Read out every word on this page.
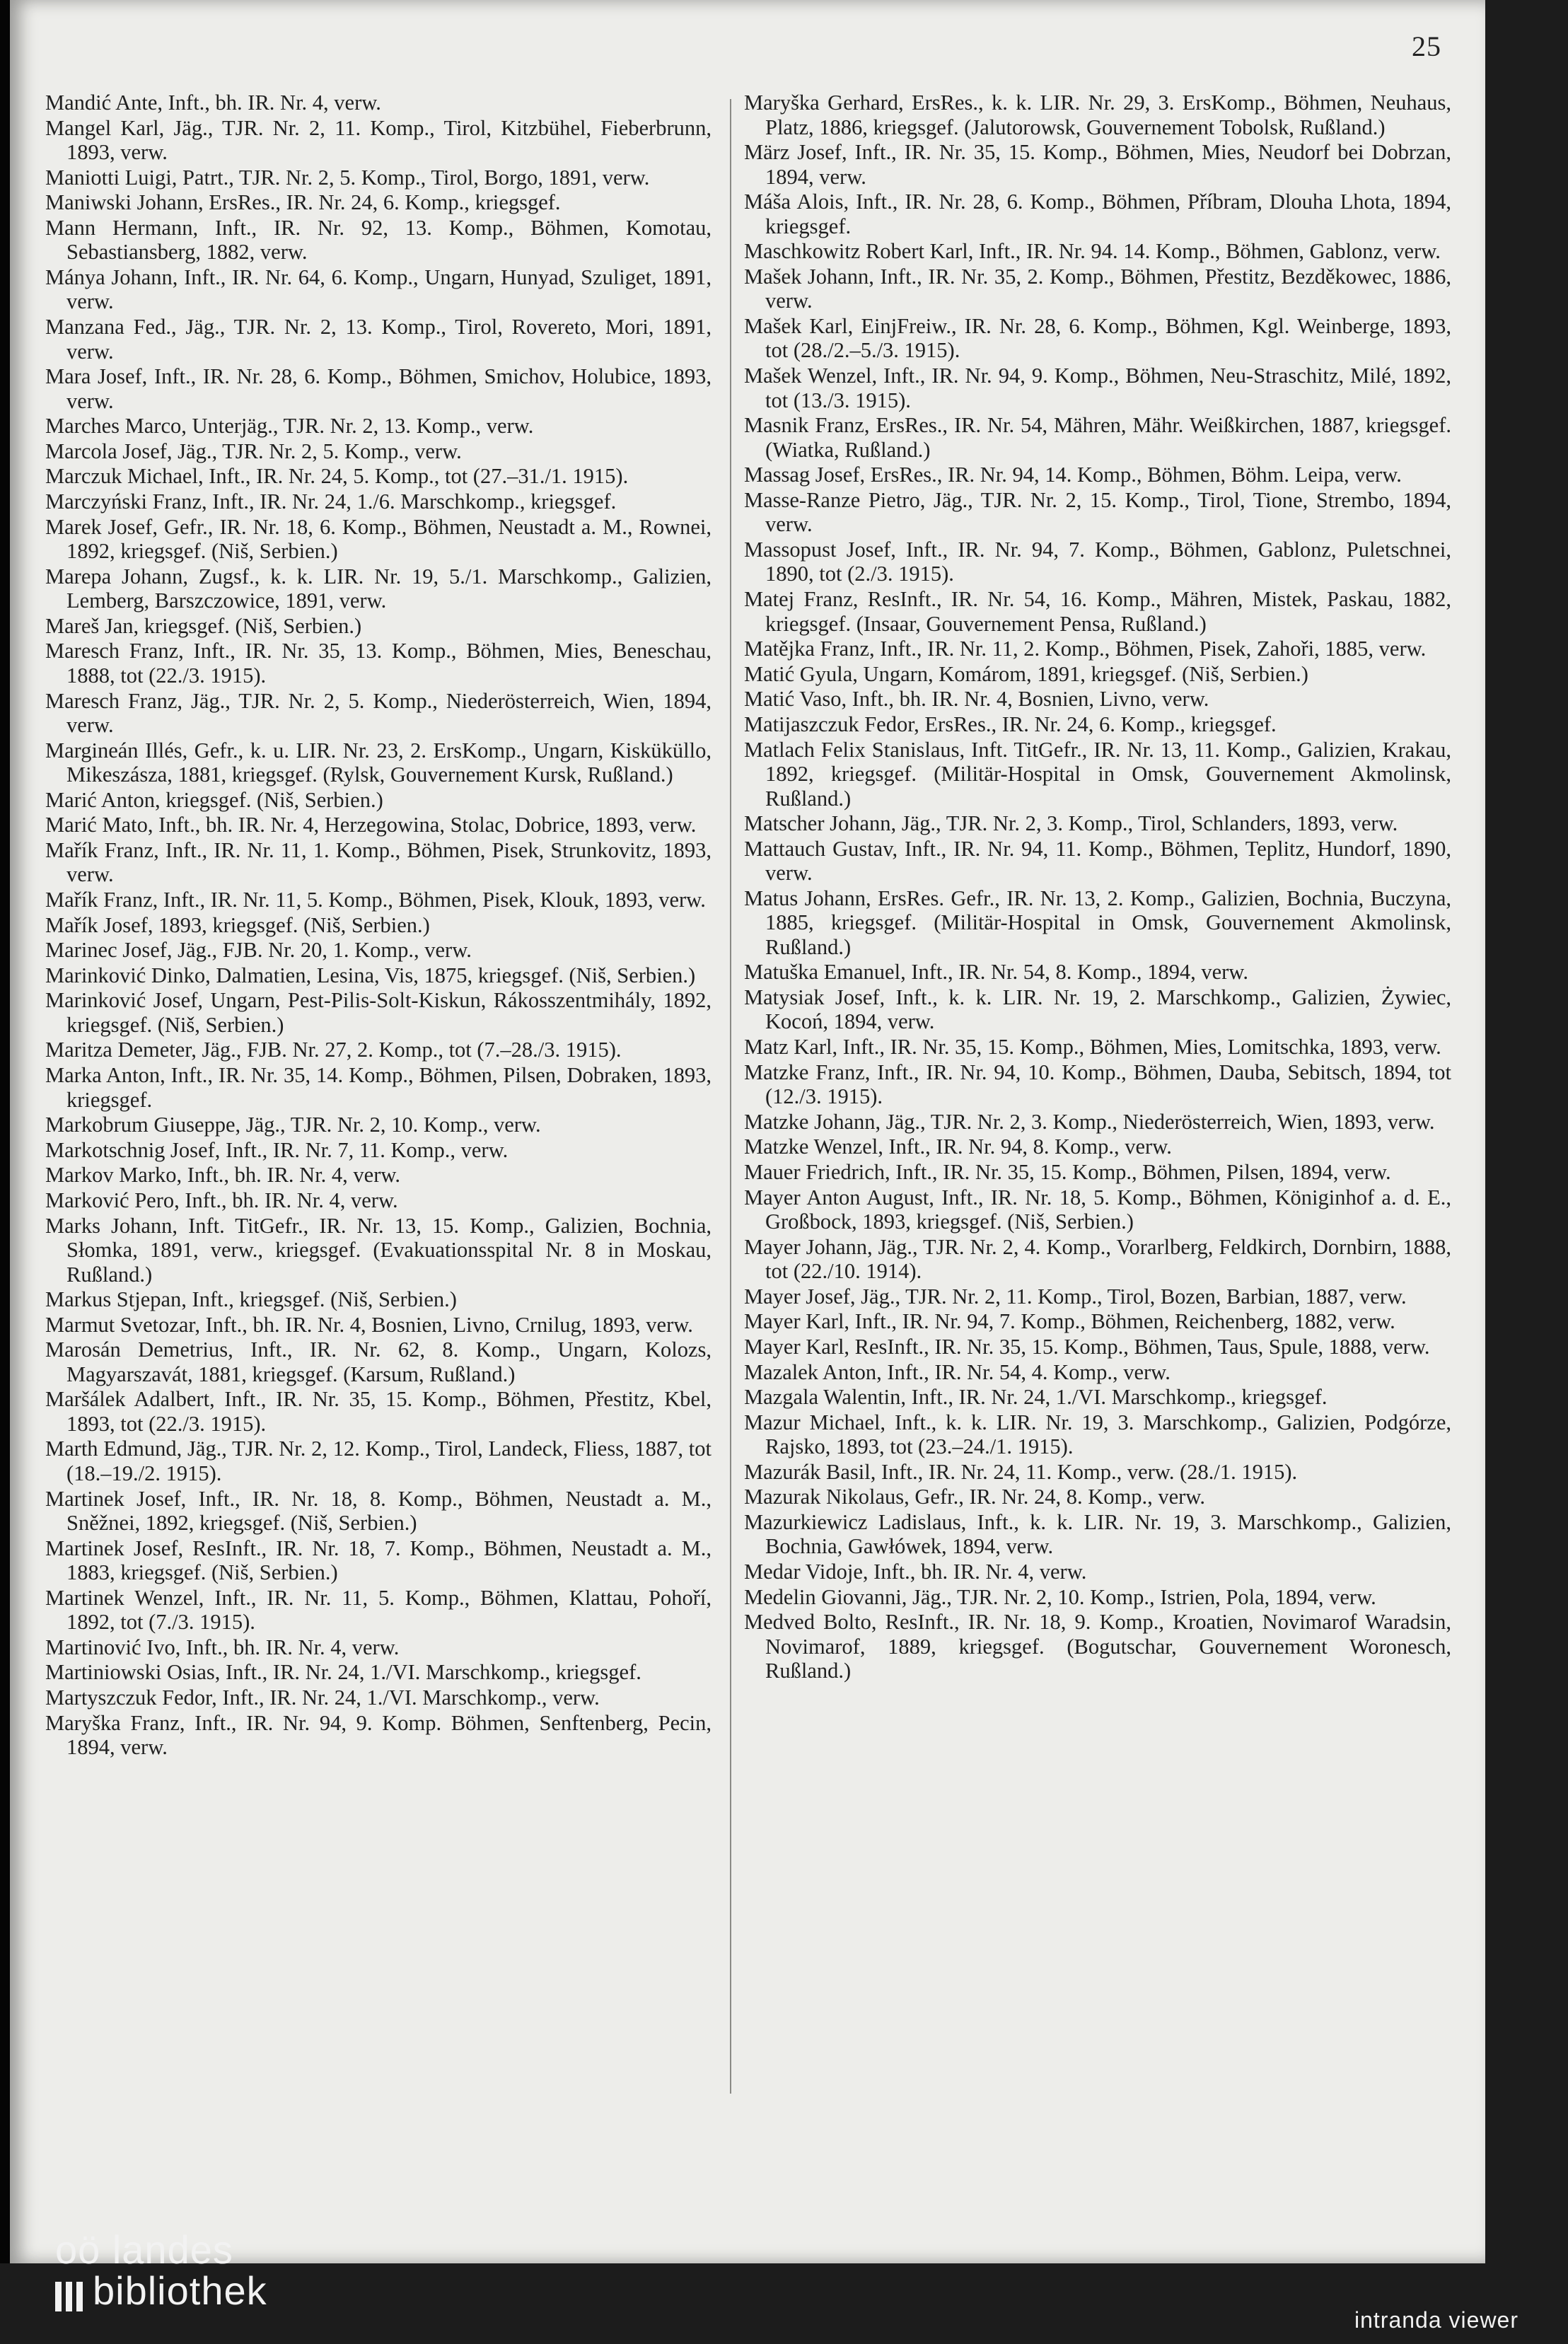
25
Mandić Ante, Inft., bh. IR. Nr. 4, verw.
Mangel Karl, Jäg., TJR. Nr. 2, 11. Komp., Tirol, Kitzbühel, Fieberbrunn, 1893, verw.
Maniotti Luigi, Patrt., TJR. Nr. 2, 5. Komp., Tirol, Borgo, 1891, verw.
Maniwski Johann, ErsRes., IR. Nr. 24, 6. Komp., kriegsgef.
Mann Hermann, Inft., IR. Nr. 92, 13. Komp., Böhmen, Komotau, Sebastiansberg, 1882, verw.
Mánya Johann, Inft., IR. Nr. 64, 6. Komp., Ungarn, Hunyad, Szuliget, 1891, verw.
Manzana Fed., Jäg., TJR. Nr. 2, 13. Komp., Tirol, Rovereto, Mori, 1891, verw.
Mara Josef, Inft., IR. Nr. 28, 6. Komp., Böhmen, Smichov, Holubice, 1893, verw.
Marches Marco, Unterjäg., TJR. Nr. 2, 13. Komp., verw.
Marcola Josef, Jäg., TJR. Nr. 2, 5. Komp., verw.
Marczuk Michael, Inft., IR. Nr. 24, 5. Komp., tot (27.–31./1. 1915).
Marczyński Franz, Inft., IR. Nr. 24, 1./6. Marschkomp., kriegsgef.
Marek Josef, Gefr., IR. Nr. 18, 6. Komp., Böhmen, Neustadt a. M., Rownei, 1892, kriegsgef. (Niš, Serbien.)
Marepa Johann, Zugsf., k. k. LIR. Nr. 19, 5./1. Marschkomp., Galizien, Lemberg, Barszczowice, 1891, verw.
Mareš Jan, kriegsgef. (Niš, Serbien.)
Maresch Franz, Inft., IR. Nr. 35, 13. Komp., Böhmen, Mies, Beneschau, 1888, tot (22./3. 1915).
Maresch Franz, Jäg., TJR. Nr. 2, 5. Komp., Niederösterreich, Wien, 1894, verw.
Margineán Illés, Gefr., k. u. LIR. Nr. 23, 2. ErsKomp., Ungarn, Kisküküllo, Mikeszásza, 1881, kriegsgef. (Rylsk, Gouvernement Kursk, Rußland.)
Marić Anton, kriegsgef. (Niš, Serbien.)
Marić Mato, Inft., bh. IR. Nr. 4, Herzegowina, Stolac, Dobrice, 1893, verw.
Mařík Franz, Inft., IR. Nr. 11, 1. Komp., Böhmen, Pisek, Strunkovitz, 1893, verw.
Mařík Franz, Inft., IR. Nr. 11, 5. Komp., Böhmen, Pisek, Klouk, 1893, verw.
Mařík Josef, 1893, kriegsgef. (Niš, Serbien.)
Marinec Josef, Jäg., FJB. Nr. 20, 1. Komp., verw.
Marinković Dinko, Dalmatien, Lesina, Vis, 1875, kriegsgef. (Niš, Serbien.)
Marinković Josef, Ungarn, Pest-Pilis-Solt-Kiskun, Rákosszentmihály, 1892, kriegsgef. (Niš, Serbien.)
Maritza Demeter, Jäg., FJB. Nr. 27, 2. Komp., tot (7.–28./3. 1915).
Marka Anton, Inft., IR. Nr. 35, 14. Komp., Böhmen, Pilsen, Dobraken, 1893, kriegsgef.
Markobrum Giuseppe, Jäg., TJR. Nr. 2, 10. Komp., verw.
Markotschnig Josef, Inft., IR. Nr. 7, 11. Komp., verw.
Markov Marko, Inft., bh. IR. Nr. 4, verw.
Marković Pero, Inft., bh. IR. Nr. 4, verw.
Marks Johann, Inft. TitGefr., IR. Nr. 13, 15. Komp., Galizien, Bochnia, Słomka, 1891, verw., kriegsgef. (Evakuationsspital Nr. 8 in Moskau, Rußland.)
Markus Stjepan, Inft., kriegsgef. (Niš, Serbien.)
Marmut Svetozar, Inft., bh. IR. Nr. 4, Bosnien, Livno, Crnilug, 1893, verw.
Marosán Demetrius, Inft., IR. Nr. 62, 8. Komp., Ungarn, Kolozs, Magyarszavát, 1881, kriegsgef. (Karsum, Rußland.)
Maršálek Adalbert, Inft., IR. Nr. 35, 15. Komp., Böhmen, Přestitz, Kbel, 1893, tot (22./3. 1915).
Marth Edmund, Jäg., TJR. Nr. 2, 12. Komp., Tirol, Landeck, Fliess, 1887, tot (18.–19./2. 1915).
Martinek Josef, Inft., IR. Nr. 18, 8. Komp., Böhmen, Neustadt a. M., Sněžnei, 1892, kriegsgef. (Niš, Serbien.)
Martinek Josef, ResInft., IR. Nr. 18, 7. Komp., Böhmen, Neustadt a. M., 1883, kriegsgef. (Niš, Serbien.)
Martinek Wenzel, Inft., IR. Nr. 11, 5. Komp., Böhmen, Klattau, Pohoří, 1892, tot (7./3. 1915).
Martinović Ivo, Inft., bh. IR. Nr. 4, verw.
Martiniowski Osias, Inft., IR. Nr. 24, 1./VI. Marschkomp., kriegsgef.
Martyszczuk Fedor, Inft., IR. Nr. 24, 1./VI. Marschkomp., verw.
Maryška Franz, Inft., IR. Nr. 94, 9. Komp. Böhmen, Senftenberg, Pecin, 1894, verw.
Maryška Gerhard, ErsRes., k. k. LIR. Nr. 29, 3. ErsKomp., Böhmen, Neuhaus, Platz, 1886, kriegsgef. (Jalutorowsk, Gouvernement Tobolsk, Rußland.)
März Josef, Inft., IR. Nr. 35, 15. Komp., Böhmen, Mies, Neudorf bei Dobrzan, 1894, verw.
Máša Alois, Inft., IR. Nr. 28, 6. Komp., Böhmen, Příbram, Dlouha Lhota, 1894, kriegsgef.
Maschkowitz Robert Karl, Inft., IR. Nr. 94. 14. Komp., Böhmen, Gablonz, verw.
Mašek Johann, Inft., IR. Nr. 35, 2. Komp., Böhmen, Přestitz, Bezděkowec, 1886, verw.
Mašek Karl, EinjFreiw., IR. Nr. 28, 6. Komp., Böhmen, Kgl. Weinberge, 1893, tot (28./2.–5./3. 1915).
Mašek Wenzel, Inft., IR. Nr. 94, 9. Komp., Böhmen, Neu-Straschitz, Milé, 1892, tot (13./3. 1915).
Masnik Franz, ErsRes., IR. Nr. 54, Mähren, Mähr. Weißkirchen, 1887, kriegsgef. (Wiatka, Rußland.)
Massag Josef, ErsRes., IR. Nr. 94, 14. Komp., Böhmen, Böhm. Leipa, verw.
Masse-Ranze Pietro, Jäg., TJR. Nr. 2, 15. Komp., Tirol, Tione, Strembo, 1894, verw.
Massopust Josef, Inft., IR. Nr. 94, 7. Komp., Böhmen, Gablonz, Puletschnei, 1890, tot (2./3. 1915).
Matej Franz, ResInft., IR. Nr. 54, 16. Komp., Mähren, Mistek, Paskau, 1882, kriegsgef. (Insaar, Gouvernement Pensa, Rußland.)
Matějka Franz, Inft., IR. Nr. 11, 2. Komp., Böhmen, Pisek, Zahoři, 1885, verw.
Matić Gyula, Ungarn, Komárom, 1891, kriegsgef. (Niš, Serbien.)
Matić Vaso, Inft., bh. IR. Nr. 4, Bosnien, Livno, verw.
Matijaszczuk Fedor, ErsRes., IR. Nr. 24, 6. Komp., kriegsgef.
Matlach Felix Stanislaus, Inft. TitGefr., IR. Nr. 13, 11. Komp., Galizien, Krakau, 1892, kriegsgef. (Militär-Hospital in Omsk, Gouvernement Akmolinsk, Rußland.)
Matscher Johann, Jäg., TJR. Nr. 2, 3. Komp., Tirol, Schlanders, 1893, verw.
Mattauch Gustav, Inft., IR. Nr. 94, 11. Komp., Böhmen, Teplitz, Hundorf, 1890, verw.
Matus Johann, ErsRes. Gefr., IR. Nr. 13, 2. Komp., Galizien, Bochnia, Buczyna, 1885, kriegsgef. (Militär-Hospital in Omsk, Gouvernement Akmolinsk, Rußland.)
Matuška Emanuel, Inft., IR. Nr. 54, 8. Komp., 1894, verw.
Matysiak Josef, Inft., k. k. LIR. Nr. 19, 2. Marschkomp., Galizien, Żywiec, Kocoń, 1894, verw.
Matz Karl, Inft., IR. Nr. 35, 15. Komp., Böhmen, Mies, Lomitschka, 1893, verw.
Matzke Franz, Inft., IR. Nr. 94, 10. Komp., Böhmen, Dauba, Sebitsch, 1894, tot (12./3. 1915).
Matzke Johann, Jäg., TJR. Nr. 2, 3. Komp., Niederösterreich, Wien, 1893, verw.
Matzke Wenzel, Inft., IR. Nr. 94, 8. Komp., verw.
Mauer Friedrich, Inft., IR. Nr. 35, 15. Komp., Böhmen, Pilsen, 1894, verw.
Mayer Anton August, Inft., IR. Nr. 18, 5. Komp., Böhmen, Königinhof a. d. E., Großbock, 1893, kriegsgef. (Niš, Serbien.)
Mayer Johann, Jäg., TJR. Nr. 2, 4. Komp., Vorarlberg, Feldkirch, Dornbirn, 1888, tot (22./10. 1914).
Mayer Josef, Jäg., TJR. Nr. 2, 11. Komp., Tirol, Bozen, Barbian, 1887, verw.
Mayer Karl, Inft., IR. Nr. 94, 7. Komp., Böhmen, Reichenberg, 1882, verw.
Mayer Karl, ResInft., IR. Nr. 35, 15. Komp., Böhmen, Taus, Spule, 1888, verw.
Mazalek Anton, Inft., IR. Nr. 54, 4. Komp., verw.
Mazgala Walentin, Inft., IR. Nr. 24, 1./VI. Marschkomp., kriegsgef.
Mazur Michael, Inft., k. k. LIR. Nr. 19, 3. Marschkomp., Galizien, Podgórze, Rajsko, 1893, tot (23.–24./1. 1915).
Mazurák Basil, Inft., IR. Nr. 24, 11. Komp., verw. (28./1. 1915).
Mazurak Nikolaus, Gefr., IR. Nr. 24, 8. Komp., verw.
Mazurkiewicz Ladislaus, Inft., k. k. LIR. Nr. 19, 3. Marschkomp., Galizien, Bochnia, Gawłówek, 1894, verw.
Medar Vidoje, Inft., bh. IR. Nr. 4, verw.
Medelin Giovanni, Jäg., TJR. Nr. 2, 10. Komp., Istrien, Pola, 1894, verw.
Medved Bolto, ResInft., IR. Nr. 18, 9. Komp., Kroatien, Novimarof Waradsin, Novimarof, 1889, kriegsgef. (Bogutschar, Gouvernement Woronesch, Rußland.)
oö landes
bibliothek
intranda viewer
